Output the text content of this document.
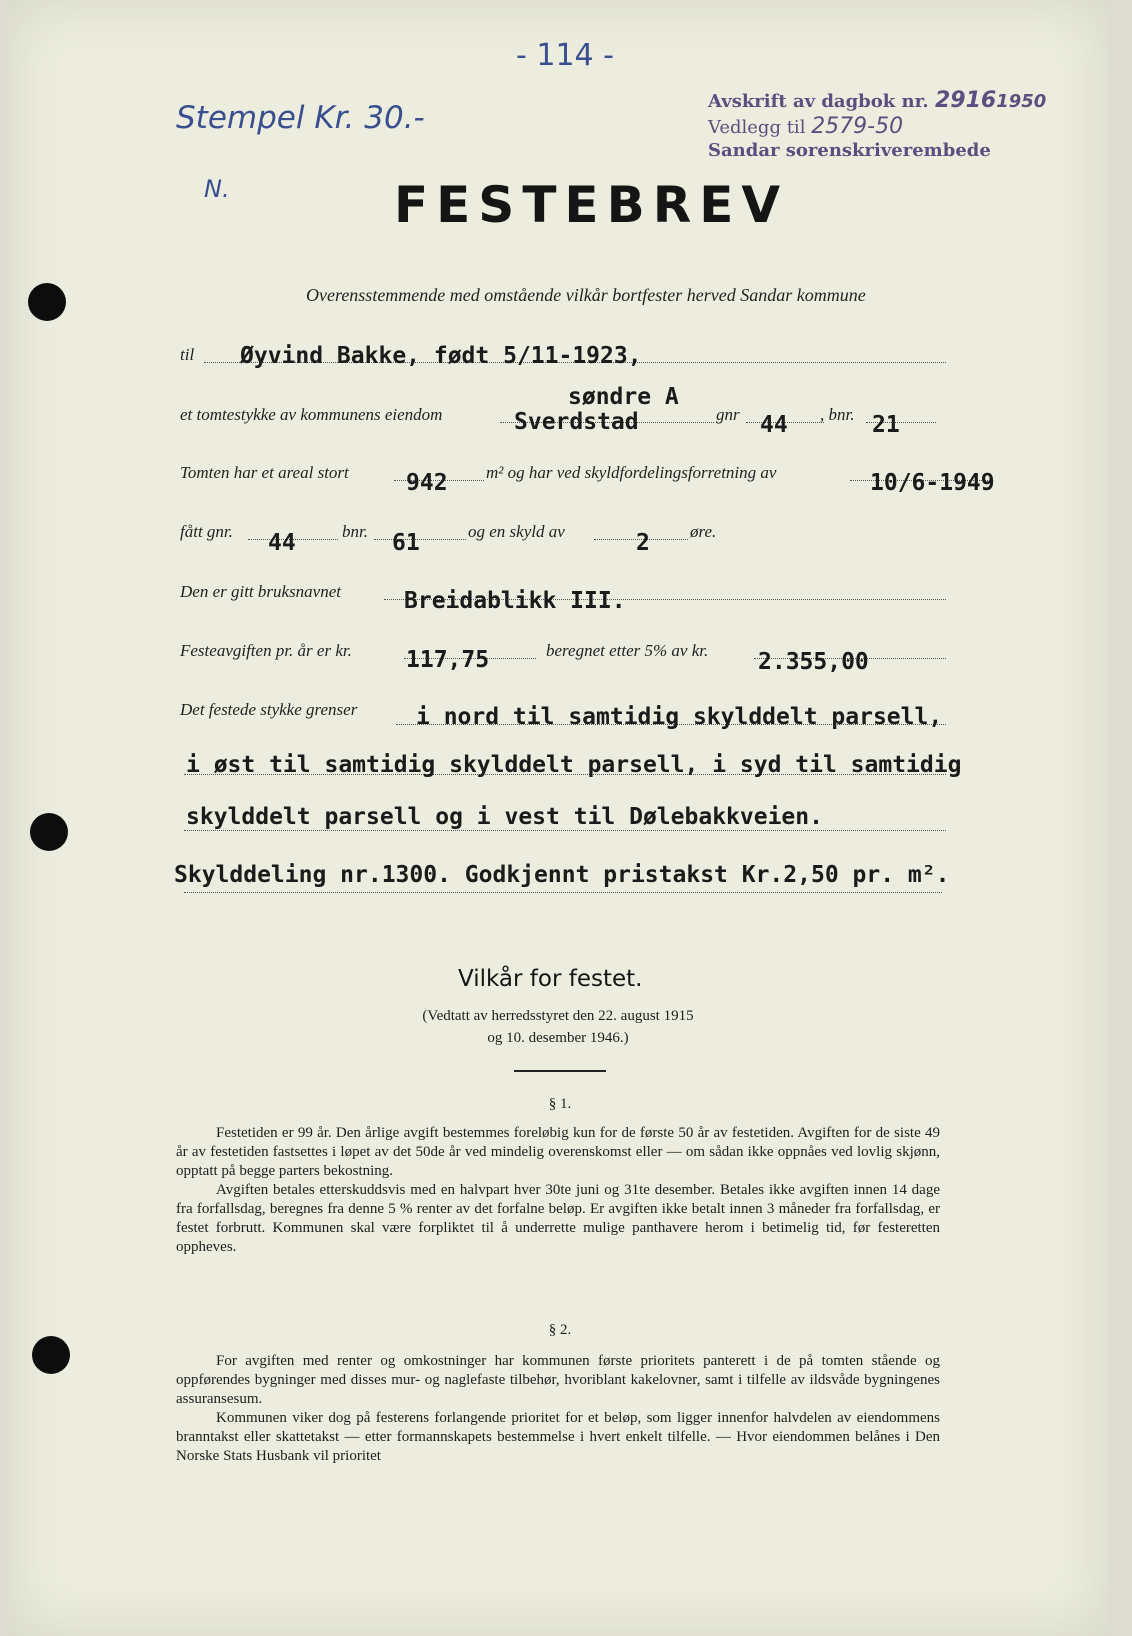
- 114 -
Stempel Kr. 30.-
N.
Avskrift av dagbok nr. 29161950
Vedlegg til 2579-50
Sandar sorenskriverembede
FESTEBREV
Overensstemmende med omstående vilkår bortfester herved Sandar kommune
til Øyvind Bakke, født 5/11-1923,
et tomtestykke av kommunens eiendom
søndre A
Sverdstad	gnr 44 , bnr. 21
Tomten har et areal stort 942 m² og har ved skyldfordelingsforretning av	10/6-1949
fått gnr. 44	bnr. 61	og en skyld av	2 øre.
Den er gitt bruksnavnet	Breidablikk III.
Festeavgiften pr. år er kr. 117,75	beregnet etter 5% av kr. 2.355,00
Det festede stykke grenser	i nord til samtidig skylddelt parsell,
i øst til samtidig skylddelt parsell, i syd til samtidig
skylddelt parsell og i vest til Dølebakkveien.
Skylddeling nr.1300. Godkjennt pristakst Kr.2,50 pr. m².
Vilkår for festet.
(Vedtatt av herredsstyret den 22. august 1915
og 10. desember 1946.)
§ 1.

Festetiden er 99 år. Den årlige avgift bestemmes foreløbig kun for de første 50 år av festetiden. Avgiften for de siste 49 år av festetiden fastsettes i løpet av det 50de år ved mindelig overenskomst eller — om sådan ikke oppnåes ved lovlig skjønn, opptatt på begge parters bekostning.

Avgiften betales etterskuddsvis med en halvpart hver 30te juni og 31te desember. Betales ikke avgiften innen 14 dage fra forfallsdag, beregnes fra denne 5 % renter av det forfalne beløp. Er avgiften ikke betalt innen 3 måneder fra forfallsdag, er festet forbrutt. Kommunen skal være forpliktet til å underrette mulige panthavere herom i betimelig tid, før festeretten oppheves.

§ 2.

For avgiften med renter og omkostninger har kommunen første prioritets panterett i de på tomten stående og oppførendes bygninger med disses mur- og naglefaste tilbehør, hvoriblant kakelovner, samt i tilfelle av ildsvåde bygningenes assuransesum.

Kommunen viker dog på festerens forlangende prioritet for et beløp, som ligger innenfor halvdelen av eiendommens branntakst eller skattetakst — etter formannskapets bestemmelse i hvert enkelt tilfelle. — Hvor eiendommen belånes i Den Norske Stats Husbank vil prioritet
